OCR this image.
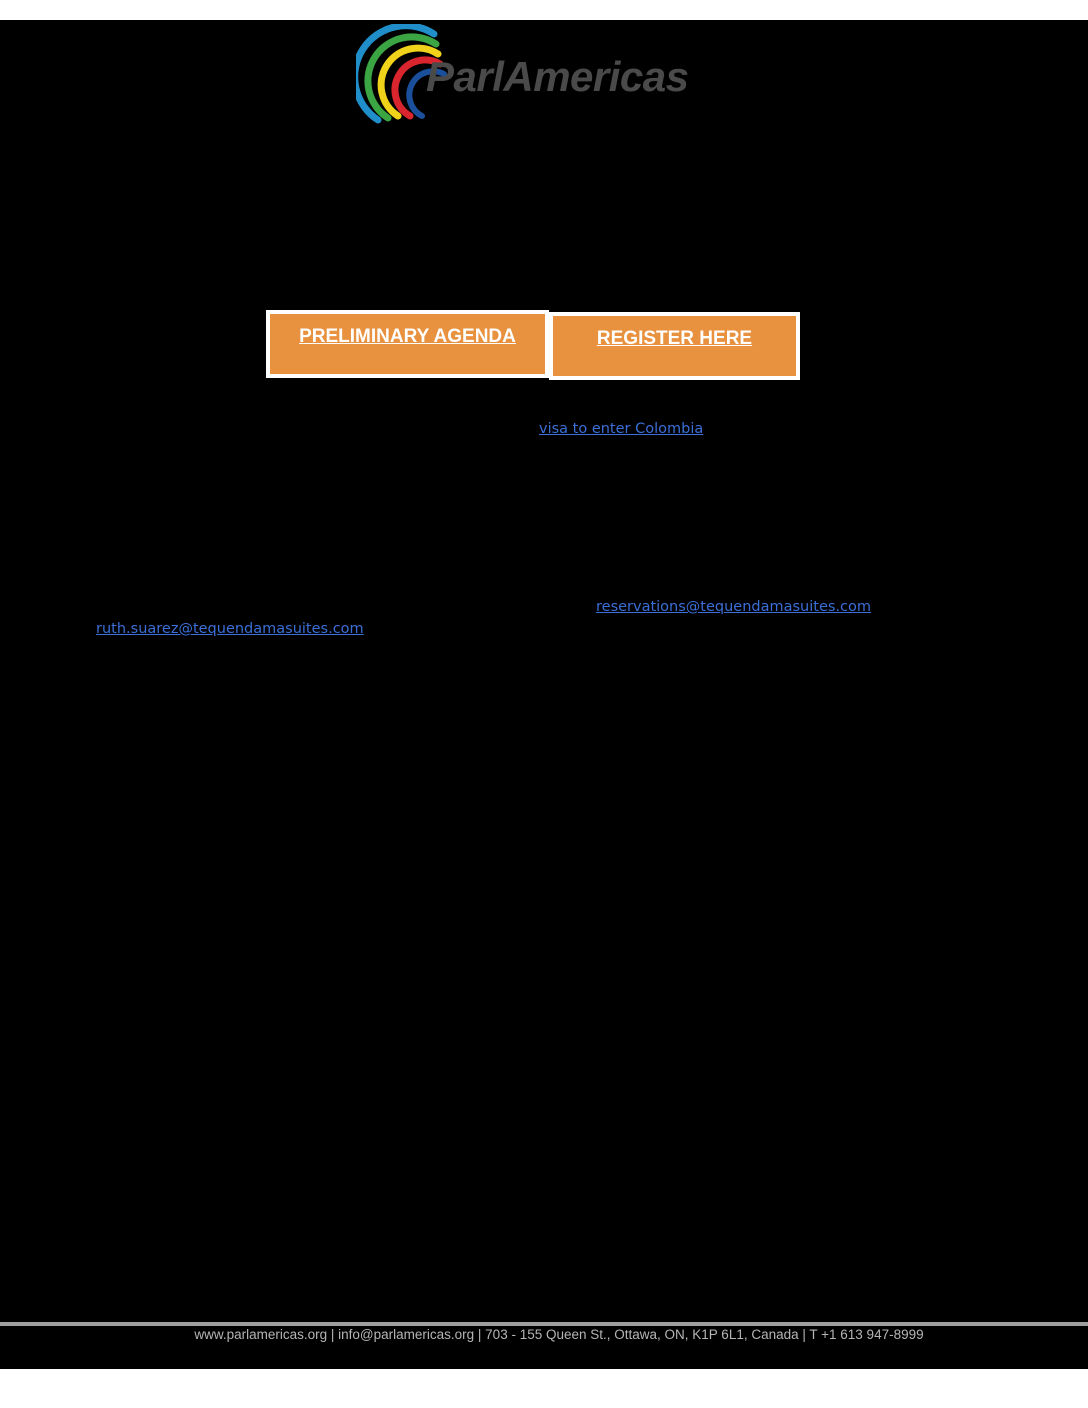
ParlAmericas
PRELIMINARY AGENDA	REGISTER HERE
visa to enter Colombia
reservations@tequendamasuites.com
ruth.suarez@tequendamasuites.com
www.parlamericas.org | info@parlamericas.org | 703 - 155 Queen St., Ottawa, ON, K1P 6L1, Canada | T +1 613 947-8999
